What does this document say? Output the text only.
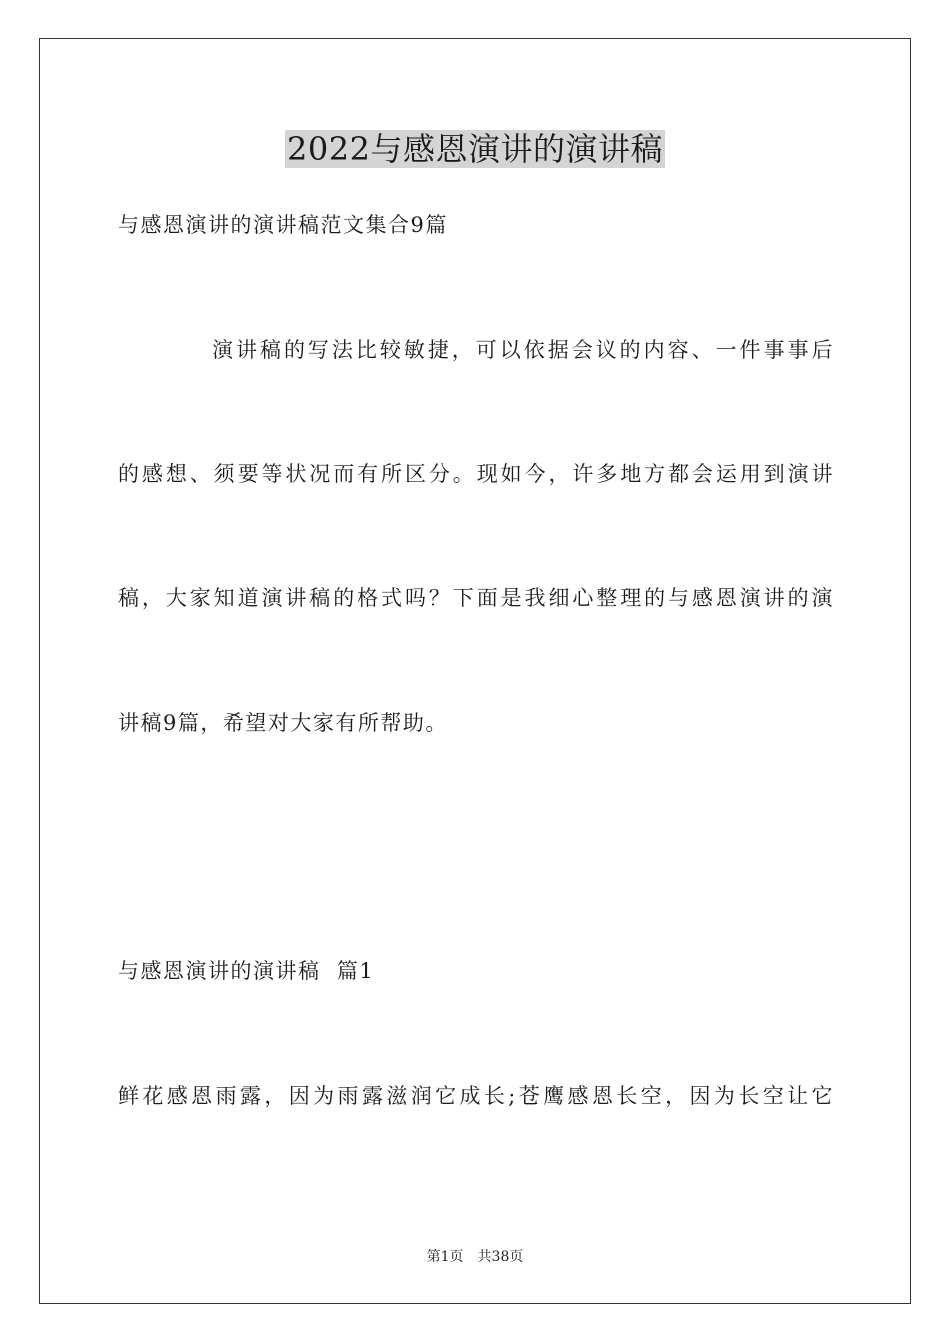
2022与感恩演讲的演讲稿
与感恩演讲的演讲稿范文集合9篇
演讲稿的写法比较敏捷，可以依据会议的内容、一件事事后
的感想、须要等状况而有所区分。现如今，许多地方都会运用到演讲
稿，大家知道演讲稿的格式吗？下面是我细心整理的与感恩演讲的演
讲稿9篇，希望对大家有所帮助。
与感恩演讲的演讲稿  篇1
鲜花感恩雨露，因为雨露滋润它成长;苍鹰感恩长空，因为长空让它
第1页 共38页
